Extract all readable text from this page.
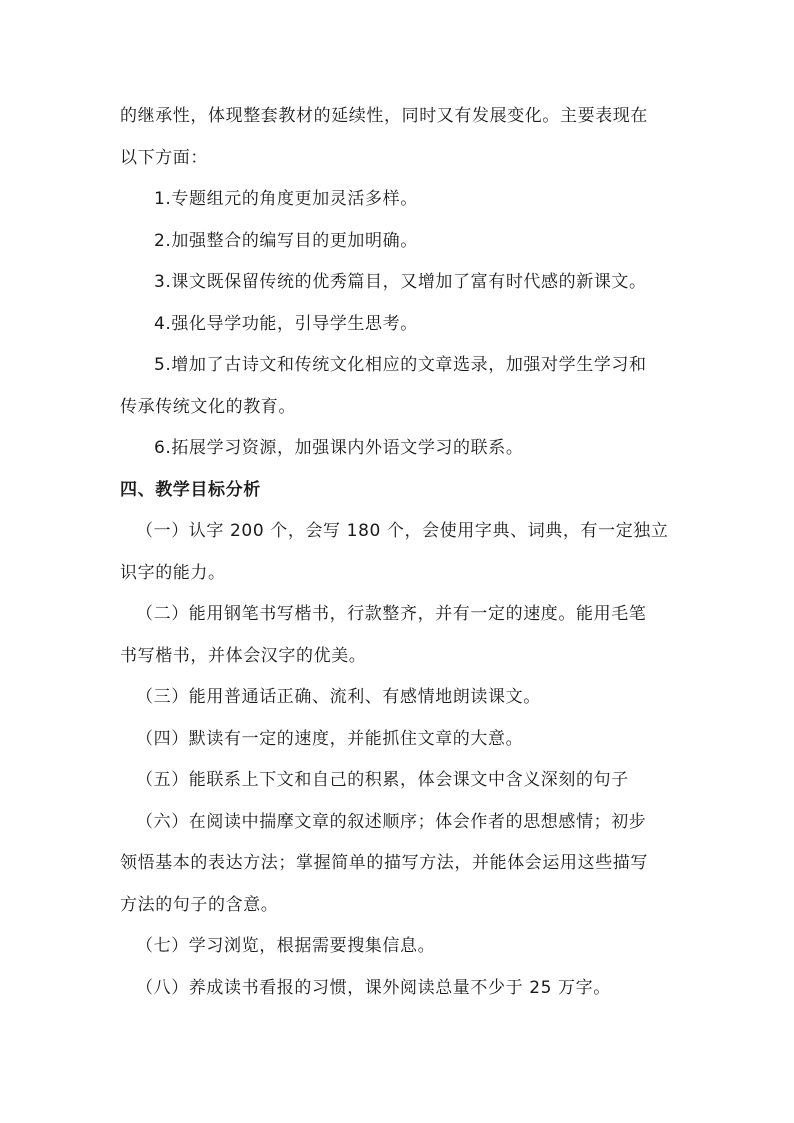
的继承性，体现整套教材的延续性，同时又有发展变化。主要表现在
以下方面：
1.专题组元的角度更加灵活多样。
2.加强整合的编写目的更加明确。
3.课文既保留传统的优秀篇目，又增加了富有时代感的新课文。
4.强化导学功能，引导学生思考。
5.增加了古诗文和传统文化相应的文章选录，加强对学生学习和
传承传统文化的教育。
6.拓展学习资源，加强课内外语文学习的联系。
四、教学目标分析
（一）认字 200 个，会写 180 个，会使用字典、词典，有一定独立
识字的能力。
（二）能用钢笔书写楷书，行款整齐，并有一定的速度。能用毛笔
书写楷书，并体会汉字的优美。
（三）能用普通话正确、流利、有感情地朗读课文。
（四）默读有一定的速度，并能抓住文章的大意。
（五）能联系上下文和自己的积累，体会课文中含义深刻的句子
（六）在阅读中揣摩文章的叙述顺序；体会作者的思想感情；初步
领悟基本的表达方法；掌握简单的描写方法，并能体会运用这些描写
方法的句子的含意。
（七）学习浏览，根据需要搜集信息。
（八）养成读书看报的习惯，课外阅读总量不少于 25 万字。
